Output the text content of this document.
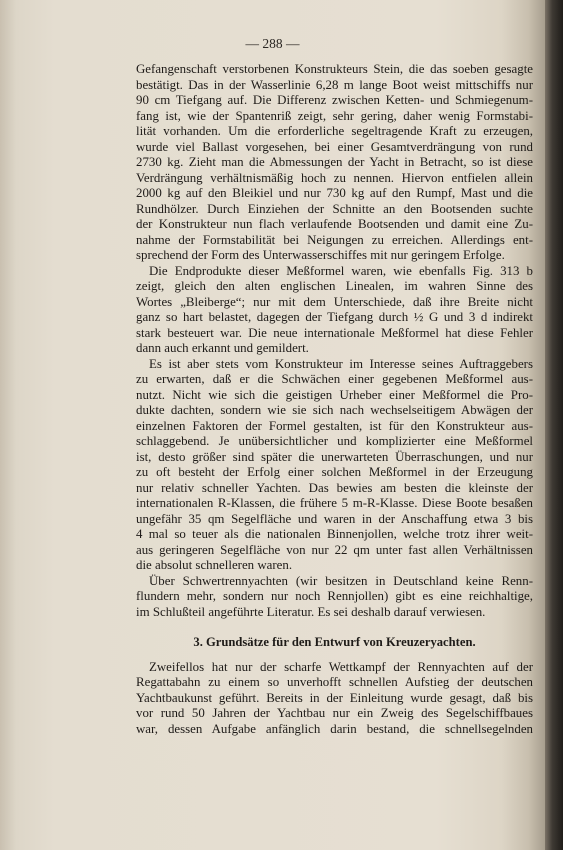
— 288 —
Gefangenschaft verstorbenen Konstrukteurs Stein, die das soeben gesagte
bestätigt. Das in der Wasserlinie 6,28 m lange Boot weist mittschiffs nur
90 cm Tiefgang auf. Die Differenz zwischen Ketten- und Schmiegenum-
fang ist, wie der Spantenriß zeigt, sehr gering, daher wenig Formstabi-
lität vorhanden. Um die erforderliche segeltragende Kraft zu erzeugen,
wurde viel Ballast vorgesehen, bei einer Gesamtverdrängung von rund
2730 kg. Zieht man die Abmessungen der Yacht in Betracht, so ist diese
Verdrängung verhältnismäßig hoch zu nennen. Hiervon entfielen allein
2000 kg auf den Bleikiel und nur 730 kg auf den Rumpf, Mast und die
Rundhölzer. Durch Einziehen der Schnitte an den Bootsenden suchte
der Konstrukteur nun flach verlaufende Bootsenden und damit eine Zu-
nahme der Formstabilität bei Neigungen zu erreichen. Allerdings ent-
sprechend der Form des Unterwasserschiffes mit nur geringem Erfolge.
Die Endprodukte dieser Meßformel waren, wie ebenfalls Fig. 313 b
zeigt, gleich den alten englischen Linealen, im wahren Sinne des
Wortes „Bleiberge“; nur mit dem Unterschiede, daß ihre Breite nicht
ganz so hart belastet, dagegen der Tiefgang durch ½ G und 3 d indirekt
stark besteuert war. Die neue internationale Meßformel hat diese Fehler
dann auch erkannt und gemildert.
Es ist aber stets vom Konstrukteur im Interesse seines Auftraggebers
zu erwarten, daß er die Schwächen einer gegebenen Meßformel aus-
nutzt. Nicht wie sich die geistigen Urheber einer Meßformel die Pro-
dukte dachten, sondern wie sie sich nach wechselseitigem Abwägen der
einzelnen Faktoren der Formel gestalten, ist für den Konstrukteur aus-
schlaggebend. Je unübersichtlicher und komplizierter eine Meßformel
ist, desto größer sind später die unerwarteten Überraschungen, und nur
zu oft besteht der Erfolg einer solchen Meßformel in der Erzeugung
nur relativ schneller Yachten. Das bewies am besten die kleinste der
internationalen R-Klassen, die frühere 5 m-R-Klasse. Diese Boote besaßen
ungefähr 35 qm Segelfläche und waren in der Anschaffung etwa 3 bis
4 mal so teuer als die nationalen Binnenjollen, welche trotz ihrer weit-
aus geringeren Segelfläche von nur 22 qm unter fast allen Verhältnissen
die absolut schnelleren waren.
Über Schwertrennyachten (wir besitzen in Deutschland keine Renn-
flundern mehr, sondern nur noch Rennjollen) gibt es eine reichhaltige,
im Schlußteil angeführte Literatur. Es sei deshalb darauf verwiesen.
3. Grundsätze für den Entwurf von Kreuzeryachten.
Zweifellos hat nur der scharfe Wettkampf der Rennyachten auf der
Regattabahn zu einem so unverhofft schnellen Aufstieg der deutschen
Yachtbaukunst geführt. Bereits in der Einleitung wurde gesagt, daß bis
vor rund 50 Jahren der Yachtbau nur ein Zweig des Segelschiffbaues
war, dessen Aufgabe anfänglich darin bestand, die schnellsegelnden
